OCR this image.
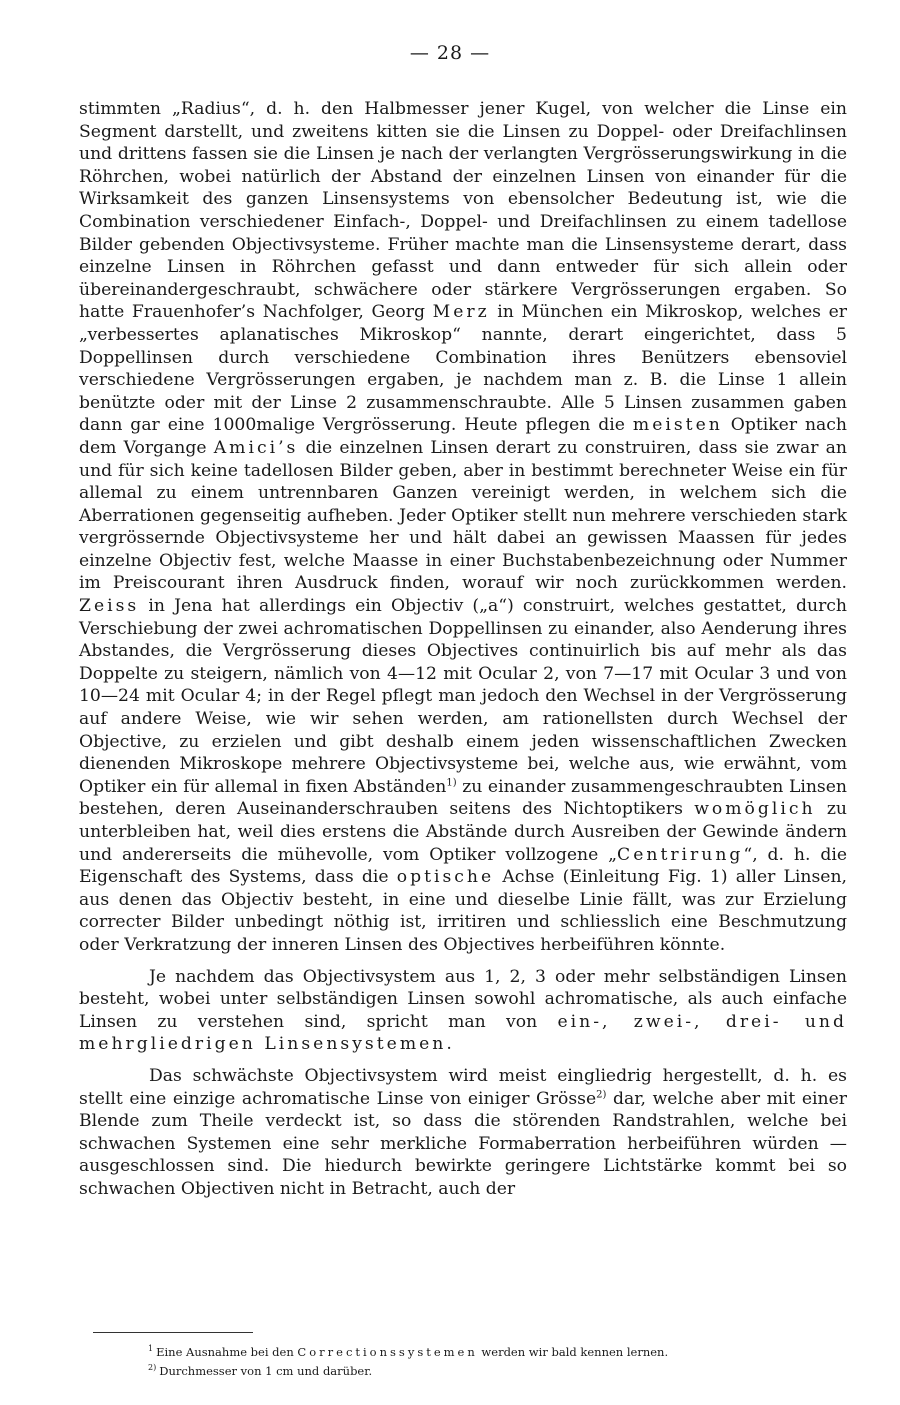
— 28 —

stimmten „Radius“, d. h. den Halbmesser jener Kugel, von welcher die Linse ein Segment darstellt, und zweitens kitten sie die Linsen zu Doppel- oder Dreifachlinsen und drittens fassen sie die Linsen je nach der verlangten Vergrösserungswirkung in die Röhrchen, wobei natürlich der Abstand der einzelnen Linsen von einander für die Wirksamkeit des ganzen Linsensystems von ebensolcher Bedeutung ist, wie die Combination verschiedener Einfach-, Doppel- und Dreifachlinsen zu einem tadellose Bilder gebenden Objectivsysteme. Früher machte man die Linsensysteme derart, dass einzelne Linsen in Röhrchen gefasst und dann entweder für sich allein oder übereinandergeschraubt, schwächere oder stärkere Vergrösserungen ergaben. So hatte Frauenhofer’s Nachfolger, Georg Merz in München ein Mikroskop, welches er „verbessertes aplanatisches Mikroskop“ nannte, derart eingerichtet, dass 5 Doppellinsen durch verschiedene Combination ihres Benützers ebensoviel verschiedene Vergrösserungen ergaben, je nachdem man z. B. die Linse 1 allein benützte oder mit der Linse 2 zusammenschraubte. Alle 5 Linsen zusammen gaben dann gar eine 1000malige Vergrösserung. Heute pflegen die meisten Optiker nach dem Vorgange Amici’s die einzelnen Linsen derart zu construiren, dass sie zwar an und für sich keine tadellosen Bilder geben, aber in bestimmt berechneter Weise ein für allemal zu einem untrennbaren Ganzen vereinigt werden, in welchem sich die Aberrationen gegenseitig aufheben. Jeder Optiker stellt nun mehrere verschieden stark vergrössernde Objectivsysteme her und hält dabei an gewissen Maassen für jedes einzelne Objectiv fest, welche Maasse in einer Buchstabenbezeichnung oder Nummer im Preiscourant ihren Ausdruck finden, worauf wir noch zurückkommen werden. Zeiss in Jena hat allerdings ein Objectiv („a“) construirt, welches gestattet, durch Verschiebung der zwei achromatischen Doppellinsen zu einander, also Aenderung ihres Abstandes, die Vergrösserung dieses Objectives continuirlich bis auf mehr als das Doppelte zu steigern, nämlich von 4—12 mit Ocular 2, von 7—17 mit Ocular 3 und von 10—24 mit Ocular 4; in der Regel pflegt man jedoch den Wechsel in der Vergrösserung auf andere Weise, wie wir sehen werden, am rationellsten durch Wechsel der Objective, zu erzielen und gibt deshalb einem jeden wissenschaftlichen Zwecken dienenden Mikroskope mehrere Objectivsysteme bei, welche aus, wie erwähnt, vom Optiker ein für allemal in fixen Abständen$^{1)}$ zu einander zusammengeschraubten Linsen bestehen, deren Auseinanderschrauben seitens des Nichtoptikers womöglich zu unterbleiben hat, weil dies erstens die Abstände durch Ausreiben der Gewinde ändern und andererseits die mühevolle, vom Optiker vollzogene „Centrirung“, d. h. die Eigenschaft des Systems, dass die optische Achse (Einleitung Fig. 1) aller Linsen, aus denen das Objectiv besteht, in eine und dieselbe Linie fällt, was zur Erzielung correcter Bilder unbedingt nöthig ist, irritiren und schliesslich eine Beschmutzung oder Verkratzung der inneren Linsen des Objectives herbeiführen könnte.

Je nachdem das Objectivsystem aus 1, 2, 3 oder mehr selbständigen Linsen besteht, wobei unter selbständigen Linsen sowohl achromatische, als auch einfache Linsen zu verstehen sind, spricht man von ein-, zwei-, drei- und mehrgliedrigen Linsensystemen.

Das schwächste Objectivsystem wird meist eingliedrig hergestellt, d. h. es stellt eine einzige achromatische Linse von einiger Grösse$^{2)}$ dar, welche aber mit einer Blende zum Theile verdeckt ist, so dass die störenden Randstrahlen, welche bei schwachen Systemen eine sehr merkliche Formaberration herbeiführen würden — ausgeschlossen sind. Die hiedurch bewirkte geringere Lichtstärke kommt bei so schwachen Objectiven nicht in Betracht, auch der

$^1$ Eine Ausnahme bei den Correctionssystemen werden wir bald kennen lernen.

$^{2)}$ Durchmesser von 1 cm und darüber.
